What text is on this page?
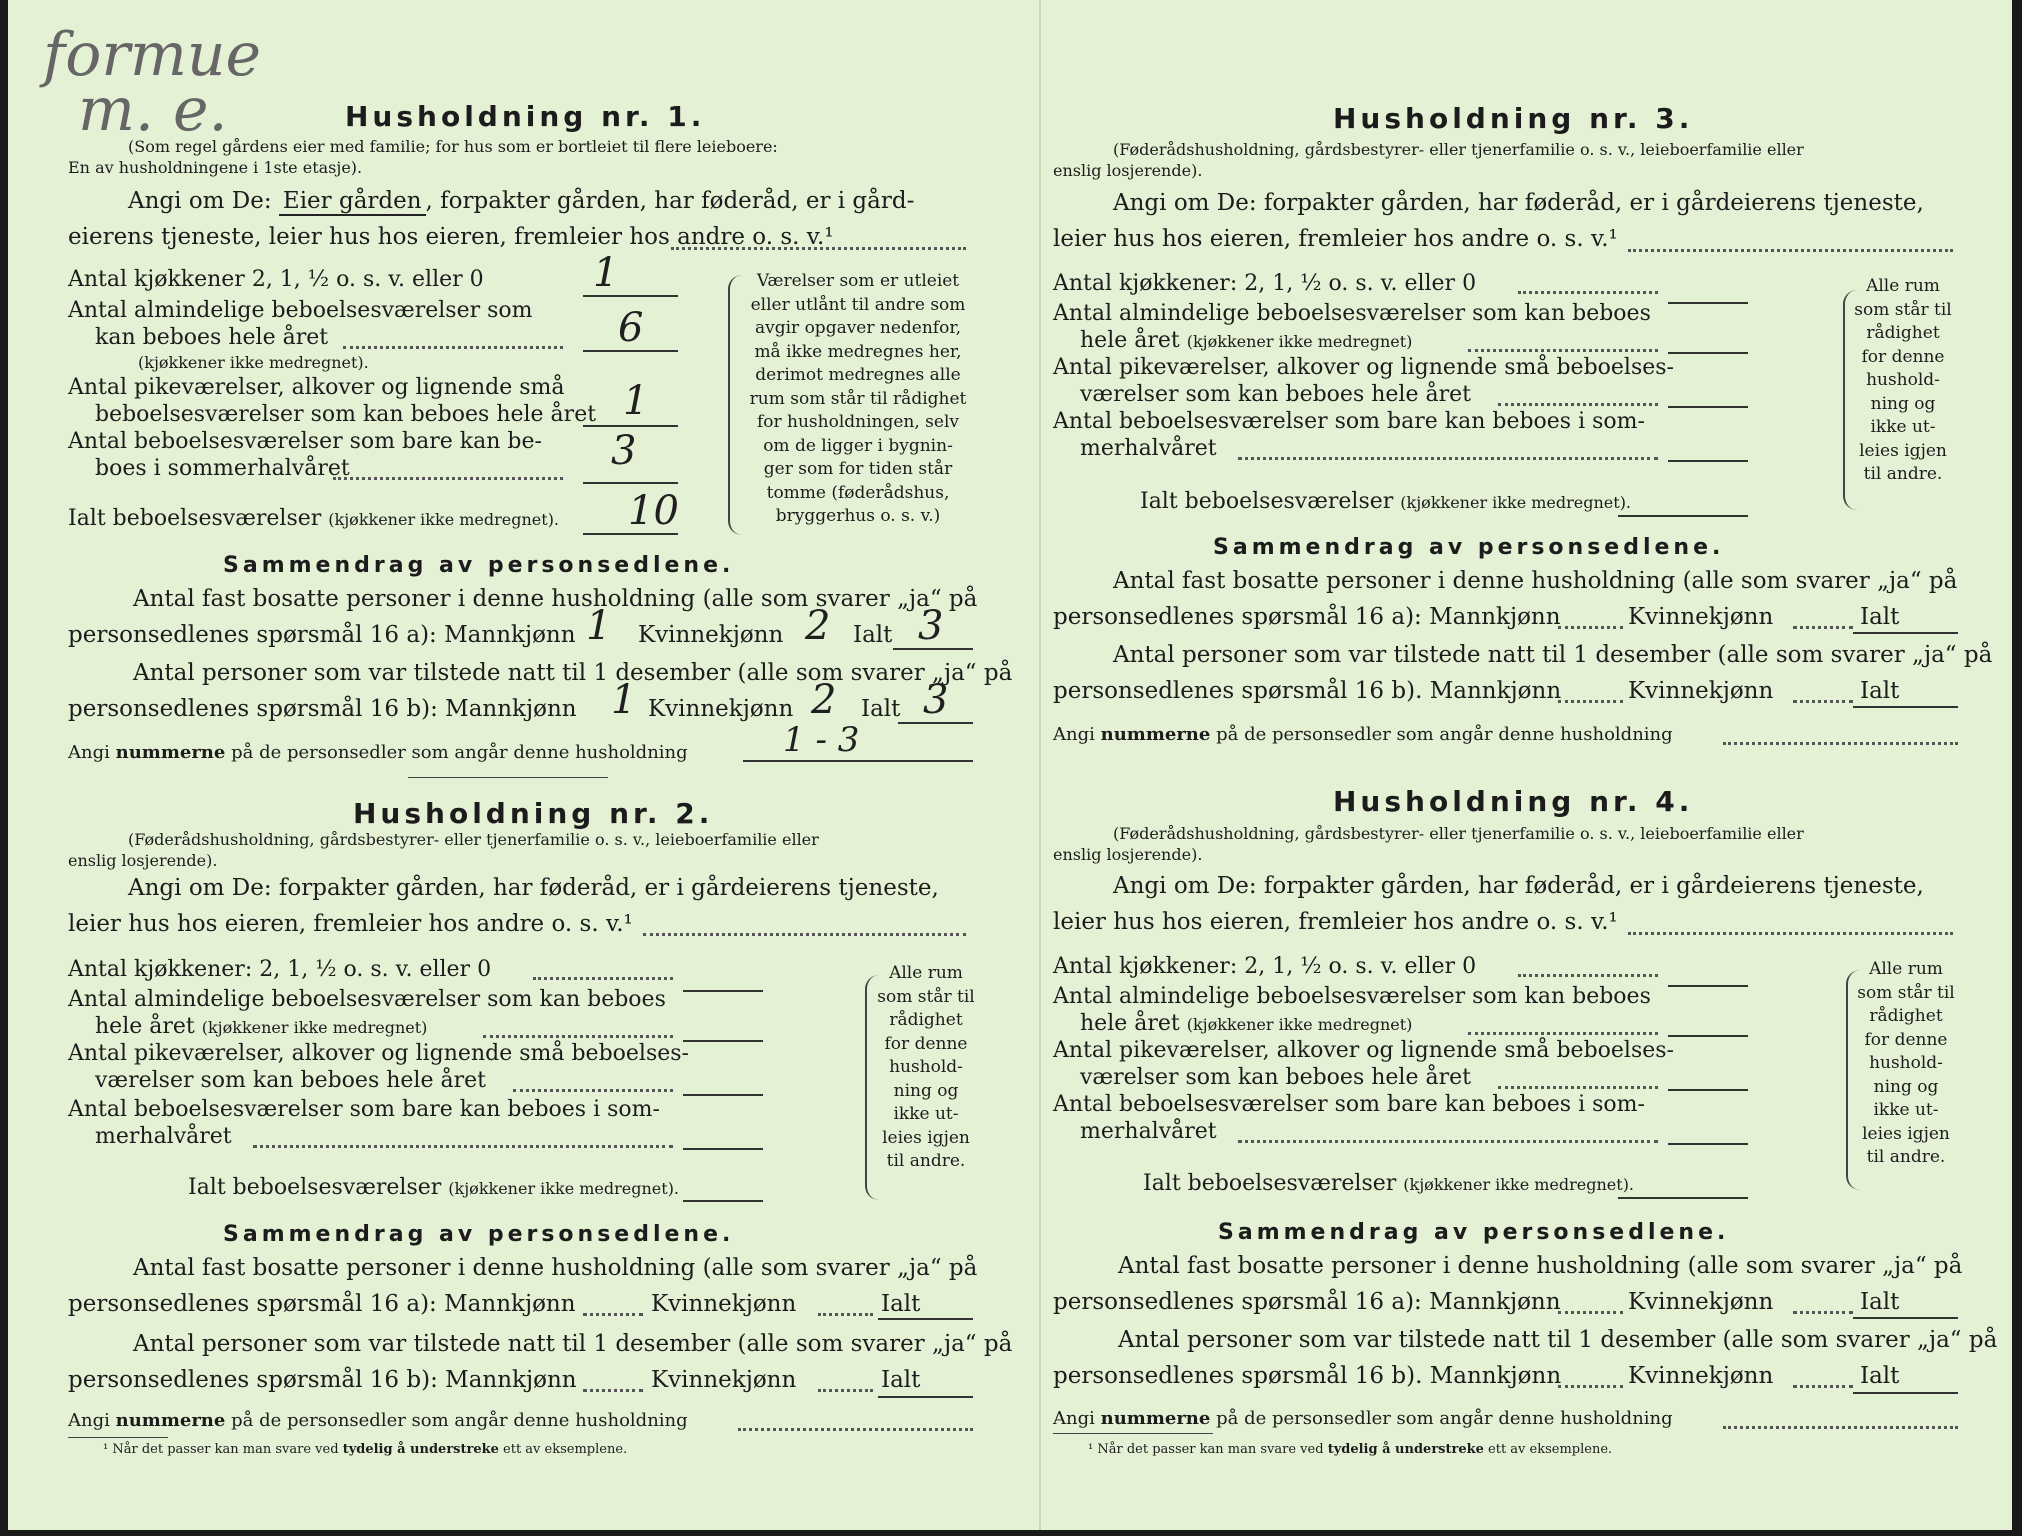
formue
m. e.	Husholdning nr. 1.
(Som regel gårdens eier med familie; for hus som er bortleiet til flere leieboere:
En av husholdningene i 1ste etasje).
Angi om De: Eier gården , forpakter gården, har føderåd, er i gård-
eierens tjeneste, leier hus hos eieren, fremleier hos andre o. s. v.¹
Antal kjøkkener 2, 1, ½ o. s. v. eller 0	1
Antal almindelige beboelsesværelser som
kan beboes hele året
(kjøkkener ikke medregnet).
6
Antal pikeværelser, alkover og lignende små
beboelsesværelser som kan beboes hele året 1
Antal beboelsesværelser som bare kan be-
boes i sommerhalvåret	3
Ialt beboelsesværelser (kjøkkener ikke medregnet). 10
Værelser som er utleiet
eller utlånt til andre som
avgir opgaver nedenfor,
må ikke medregnes her,
derimot medregnes alle
rum som står til rådighet
for husholdningen, selv
om de ligger i bygnin-
ger som for tiden står
tomme (føderådshus,
bryggerhus o. s. v.)
Sammendrag av personsedlene.
Antal fast bosatte personer i denne husholdning (alle som svarer „ja“ på
personsedlenes spørsmål 16 a): Mannkjønn 1 Kvinnekjønn 2 Ialt 3
Antal personer som var tilstede natt til 1 desember (alle som svarer „ja“ på
personsedlenes spørsmål 16 b): Mannkjønn 1 Kvinnekjønn 2 Ialt 3
Angi nummerne på de personsedler som angår denne husholdning	1 - 3
Husholdning nr. 2.
(Føderådshusholdning, gårdsbestyrer- eller tjenerfamilie o. s. v., leieboerfamilie eller
enslig losjerende).
Angi om De: forpakter gården, har føderåd, er i gårdeierens tjeneste,
leier hus hos eieren, fremleier hos andre o. s. v.¹
Antal kjøkkener: 2, 1, ½ o. s. v. eller 0
Antal almindelige beboelsesværelser som kan beboes
hele året (kjøkkener ikke medregnet)
Antal pikeværelser, alkover og lignende små beboelses-
værelser som kan beboes hele året
Antal beboelsesværelser som bare kan beboes i som-
merhalvåret
Ialt beboelsesværelser (kjøkkener ikke medregnet).
Alle rum
som står til
rådighet
for denne
hushold-
ning og
ikke ut-
leies igjen
til andre.
Sammendrag av personsedlene.
Antal fast bosatte personer i denne husholdning (alle som svarer „ja“ på
personsedlenes spørsmål 16 a): Mannkjønn	Kvinnekjønn	Ialt
Antal personer som var tilstede natt til 1 desember (alle som svarer „ja“ på
personsedlenes spørsmål 16 b): Mannkjønn	Kvinnekjønn	Ialt
Angi nummerne på de personsedler som angår denne husholdning
¹ Når det passer kan man svare ved tydelig å understreke ett av eksemplene.
Husholdning nr. 3.
(Føderådshusholdning, gårdsbestyrer- eller tjenerfamilie o. s. v., leieboerfamilie eller
enslig losjerende).
Angi om De: forpakter gården, har føderåd, er i gårdeierens tjeneste,
leier hus hos eieren, fremleier hos andre o. s. v.¹
Antal kjøkkener: 2, 1, ½ o. s. v. eller 0
Antal almindelige beboelsesværelser som kan beboes
hele året (kjøkkener ikke medregnet)
Antal pikeværelser, alkover og lignende små beboelses-
værelser som kan beboes hele året
Antal beboelsesværelser som bare kan beboes i som-
merhalvåret
Ialt beboelsesværelser (kjøkkener ikke medregnet).
Alle rum
som står til
rådighet
for denne
hushold-
ning og
ikke ut-
leies igjen
til andre.
Sammendrag av personsedlene.
Antal fast bosatte personer i denne husholdning (alle som svarer „ja“ på
personsedlenes spørsmål 16 a): Mannkjønn	Kvinnekjønn	Ialt
Antal personer som var tilstede natt til 1 desember (alle som svarer „ja“ på
personsedlenes spørsmål 16 b). Mannkjønn	Kvinnekjønn	Ialt
Angi nummerne på de personsedler som angår denne husholdning
Husholdning nr. 4.
(Føderådshusholdning, gårdsbestyrer- eller tjenerfamilie o. s. v., leieboerfamilie eller
enslig losjerende).
Angi om De: forpakter gården, har føderåd, er i gårdeierens tjeneste,
leier hus hos eieren, fremleier hos andre o. s. v.¹
Antal kjøkkener: 2, 1, ½ o. s. v. eller 0
Antal almindelige beboelsesværelser som kan beboes
hele året (kjøkkener ikke medregnet)
Antal pikeværelser, alkover og lignende små beboelses-
værelser som kan beboes hele året
Antal beboelsesværelser som bare kan beboes i som-
merhalvåret
Ialt beboelsesværelser (kjøkkener ikke medregnet).
Alle rum
som står til
rådighet
for denne
hushold-
ning og
ikke ut-
leies igjen
til andre.
Sammendrag av personsedlene.
Antal fast bosatte personer i denne husholdning (alle som svarer „ja“ på
personsedlenes spørsmål 16 a): Mannkjønn	Kvinnekjønn	Ialt
Antal personer som var tilstede natt til 1 desember (alle som svarer „ja“ på
personsedlenes spørsmål 16 b). Mannkjønn	Kvinnekjønn	Ialt
Angi nummerne på de personsedler som angår denne husholdning
¹ Når det passer kan man svare ved tydelig å understreke ett av eksemplene.
